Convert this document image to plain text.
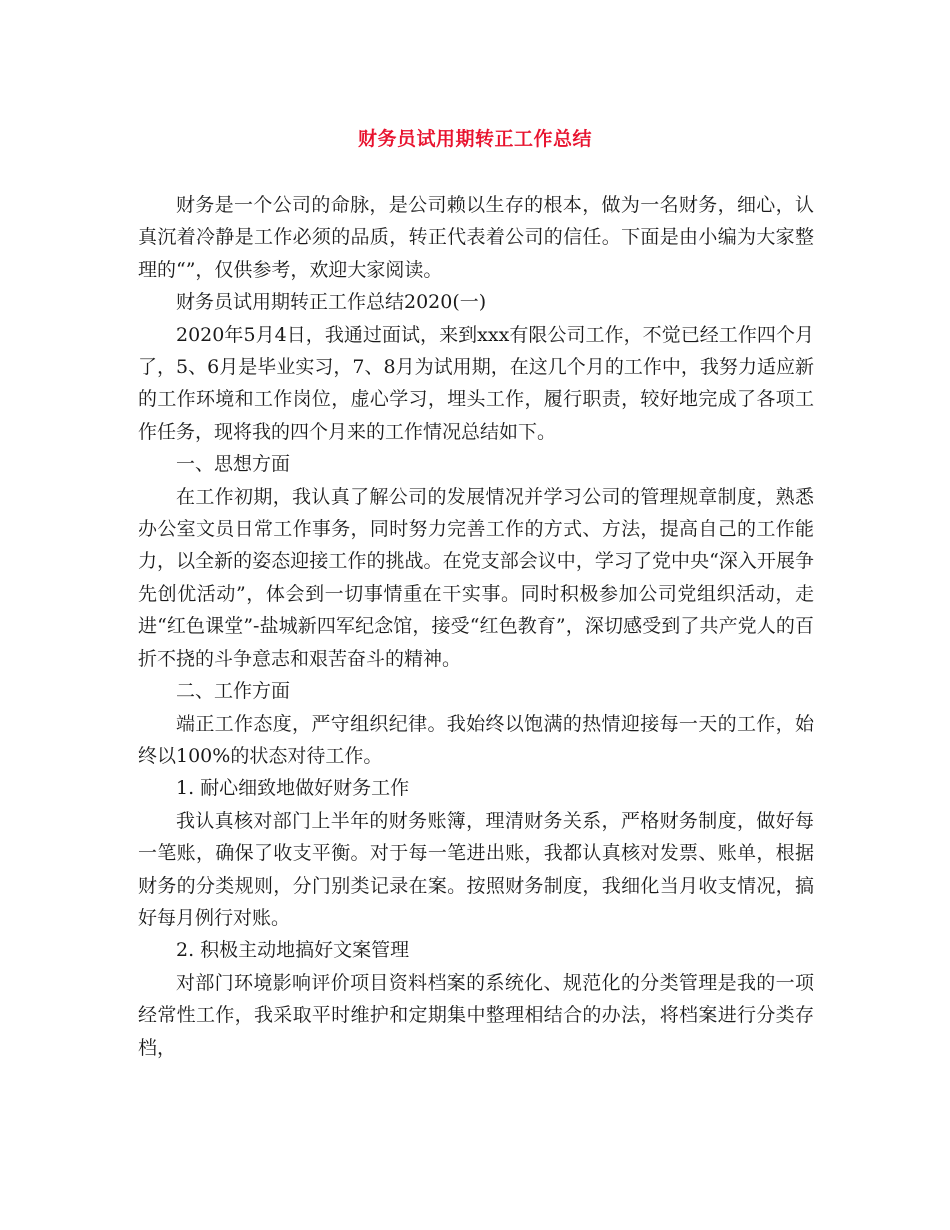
财务员试用期转正工作总结

财务是一个公司的命脉，是公司赖以生存的根本，做为一名财务，细心，认真沉着冷静是工作必须的品质，转正代表着公司的信任。下面是由小编为大家整理的“”，仅供参考，欢迎大家阅读。

财务员试用期转正工作总结2020(一)

2020年5月4日，我通过面试，来到xxx有限公司工作，不觉已经工作四个月了，5、6月是毕业实习，7、8月为试用期，在这几个月的工作中，我努力适应新的工作环境和工作岗位，虚心学习，埋头工作，履行职责，较好地完成了各项工作任务，现将我的四个月来的工作情况总结如下。

一、思想方面

在工作初期，我认真了解公司的发展情况并学习公司的管理规章制度，熟悉办公室文员日常工作事务，同时努力完善工作的方式、方法，提高自己的工作能力，以全新的姿态迎接工作的挑战。在党支部会议中，学习了党中央“深入开展争先创优活动”，体会到一切事情重在干实事。同时积极参加公司党组织活动，走进“红色课堂”-盐城新四军纪念馆，接受“红色教育”，深切感受到了共产党人的百折不挠的斗争意志和艰苦奋斗的精神。

二、工作方面

端正工作态度，严守组织纪律。我始终以饱满的热情迎接每一天的工作，始终以100%的状态对待工作。

1. 耐心细致地做好财务工作

我认真核对部门上半年的财务账簿，理清财务关系，严格财务制度，做好每一笔账，确保了收支平衡。对于每一笔进出账，我都认真核对发票、账单，根据财务的分类规则，分门别类记录在案。按照财务制度，我细化当月收支情况，搞好每月例行对账。

2. 积极主动地搞好文案管理

对部门环境影响评价项目资料档案的系统化、规范化的分类管理是我的一项经常性工作，我采取平时维护和定期集中整理相结合的办法，将档案进行分类存档，
